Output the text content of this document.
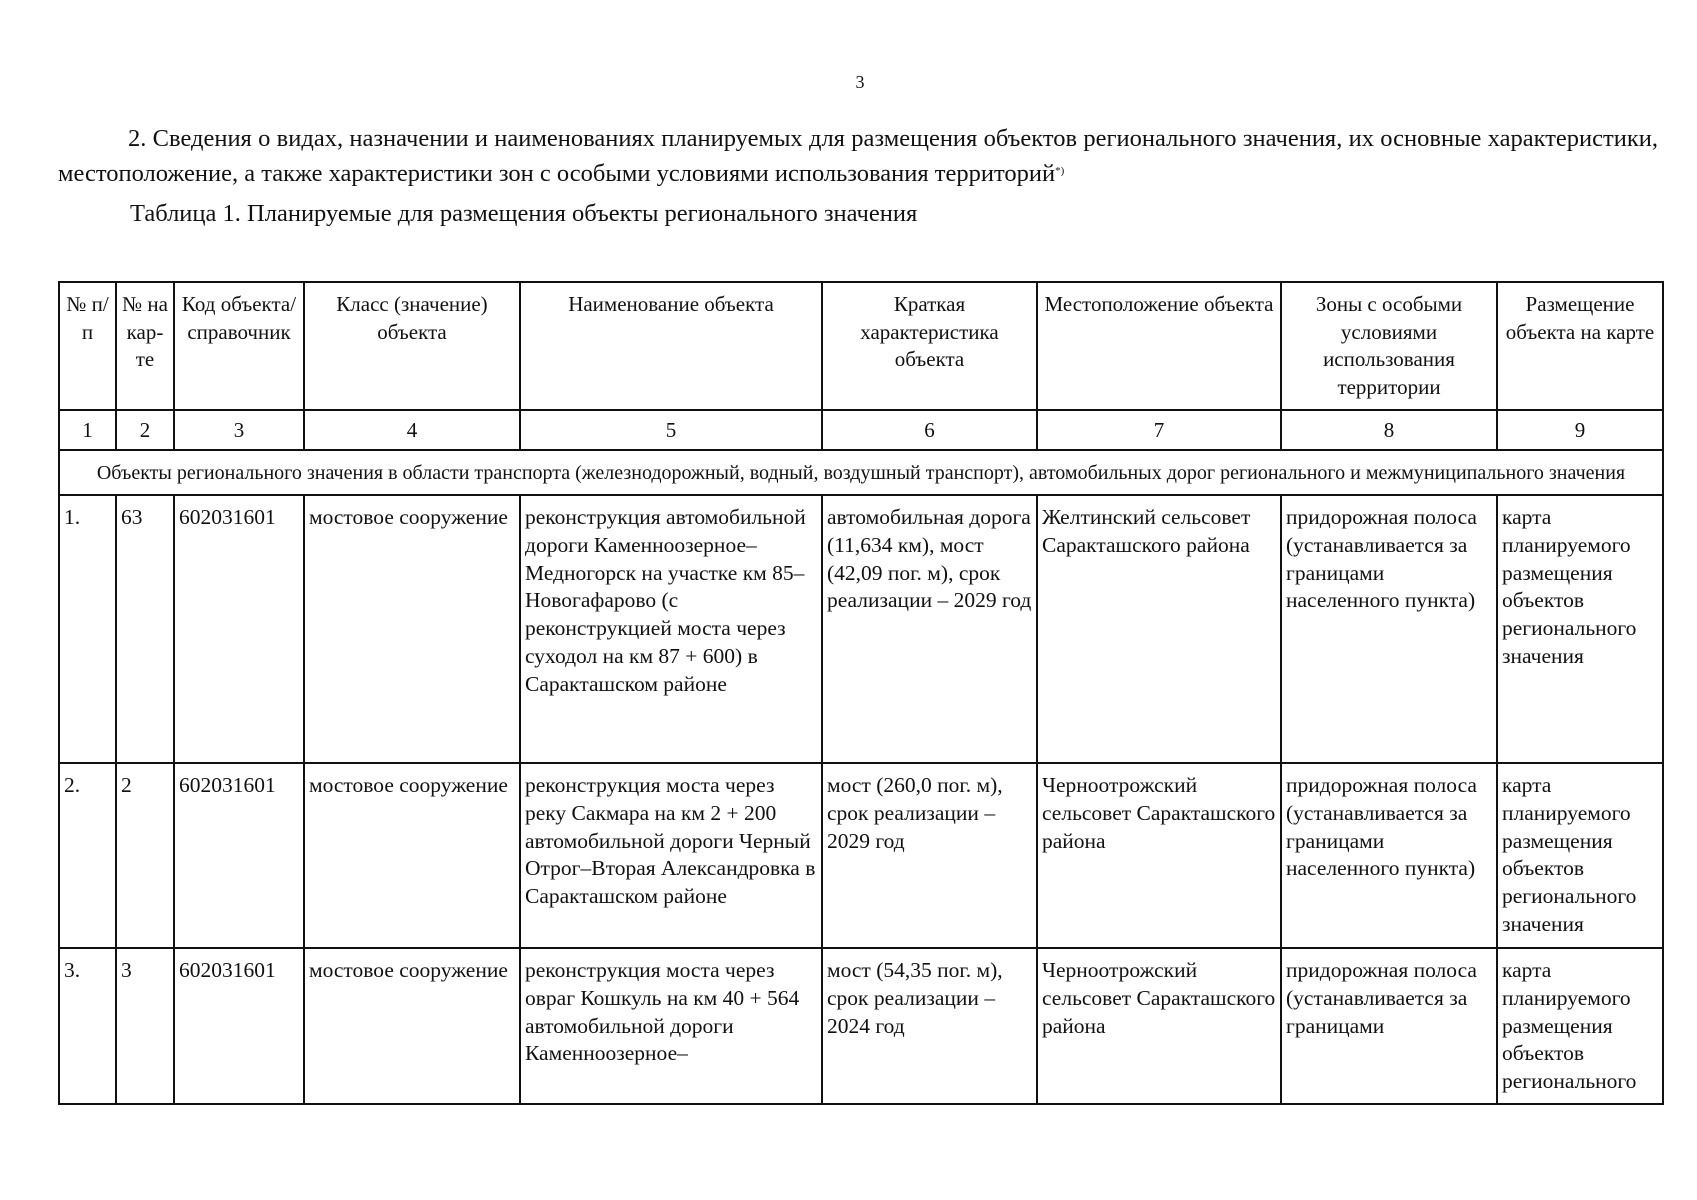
3

2. Сведения о видах, назначении и наименованиях планируемых для размещения объектов регионального значения, их основные характеристики, местоположение, а также характеристики зон с особыми условиями использования территорий*)

Таблица 1. Планируемые для размещения объекты регионального значения
№ п/п	№ на кар-те	Код объекта/ справочник	Класс (значение) объекта	Наименование объекта	Краткая характеристика объекта	Местоположение объекта	Зоны с особыми условиями использования территории	Размещение объекта на карте
1	2	3	4	5	6	7	8	9
Объекты регионального значения в области транспорта (железнодорожный, водный, воздушный транспорт), автомобильных дорог регионального и межмуниципального значения								
1.	63	602031601	мостовое сооружение	реконструкция автомобильной дороги Каменноозерное–Медногорск на участке км 85–Новогафарово (с реконструкцией моста через суходол на км 87 + 600) в Саракташском районе	автомобильная дорога (11,634 км), мост (42,09 пог. м), срок реализации – 2029 год	Желтинский сельсовет Саракташского района	придорожная полоса (устанавливается за границами населенного пункта)	карта планируемого размещения объектов регионального значения
2.	2	602031601	мостовое сооружение	реконструкция моста через реку Сакмара на км 2 + 200 автомобильной дороги Черный Отрог–Вторая Александровка в Саракташском районе	мост (260,0 пог. м), срок реализации – 2029 год	Черноотрожский сельсовет Саракташского района	придорожная полоса (устанавливается за границами населенного пункта)	карта планируемого размещения объектов регионального значения
3.	3	602031601	мостовое сооружение	реконструкция моста через овраг Кошкуль на км 40 + 564 автомобильной дороги Каменноозерное–	мост (54,35 пог. м), срок реализации – 2024 год	Черноотрожский сельсовет Саракташского района	придорожная полоса (устанавливается за границами	карта планируемого размещения объектов регионального
